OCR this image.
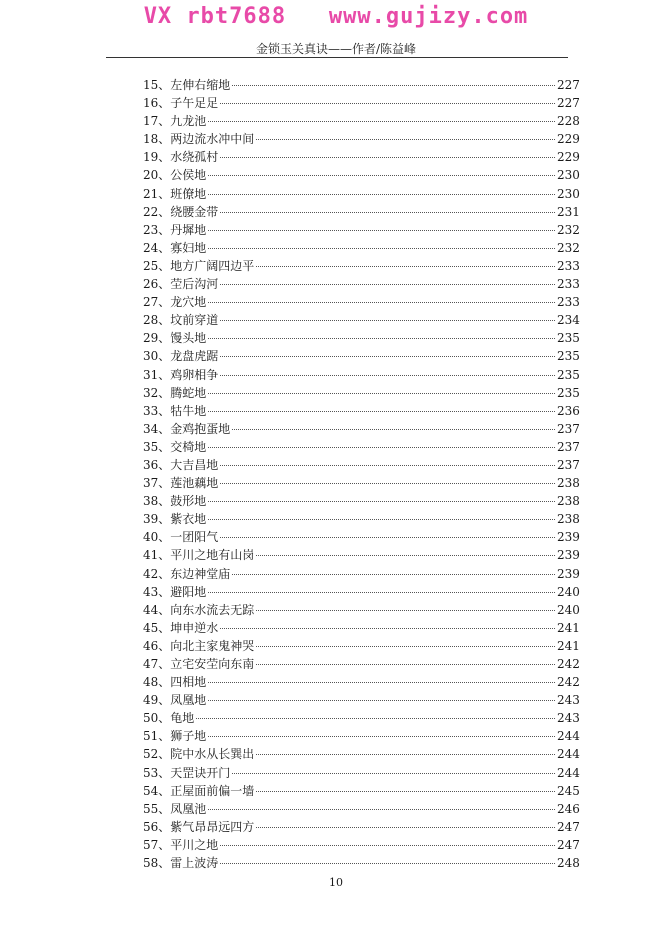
VX rbt7688   www.gujizy.com
金锁玉关真诀——作者/陈益峰
15、 左伸右缩地	227
16、 子午足足	227
17、 九龙池	228
18、 两边流水冲中间	229
19、 水绕孤村	229
20、 公侯地	230
21、 班僚地	230
22、 绕腰金带	231
23、 丹墀地	232
24、 寡妇地	232
25、 地方广阔四边平	233
26、 茔后沟河	233
27、 龙穴地	233
28、 坟前穿道	234
29、 馒头地	235
30、 龙盘虎踞	235
31、 鸡卵相争	235
32、 腾蛇地	235
33、 牯牛地	236
34、 金鸡抱蛋地	237
35、 交椅地	237
36、 大吉昌地	237
37、 莲池藕地	238
38、 鼓形地	238
39、 紫衣地	238
40、 一团阳气	239
41、 平川之地有山岗	239
42、 东边神堂庙	239
43、 避阳地	240
44、 向东水流去无踪	240
45、 坤申逆水	241
46、 向北主家鬼神哭	241
47、 立宅安茔向东南	242
48、 四相地	242
49、 凤凰地	243
50、 龟地	243
51、 狮子地	244
52、 院中水从长巽出	244
53、 天罡诀开门	244
54、 正屋面前偏一墙	245
55、 凤凰池	246
56、 紫气昂昂远四方	247
57、 平川之地	247
58、 雷上波涛	248
10
